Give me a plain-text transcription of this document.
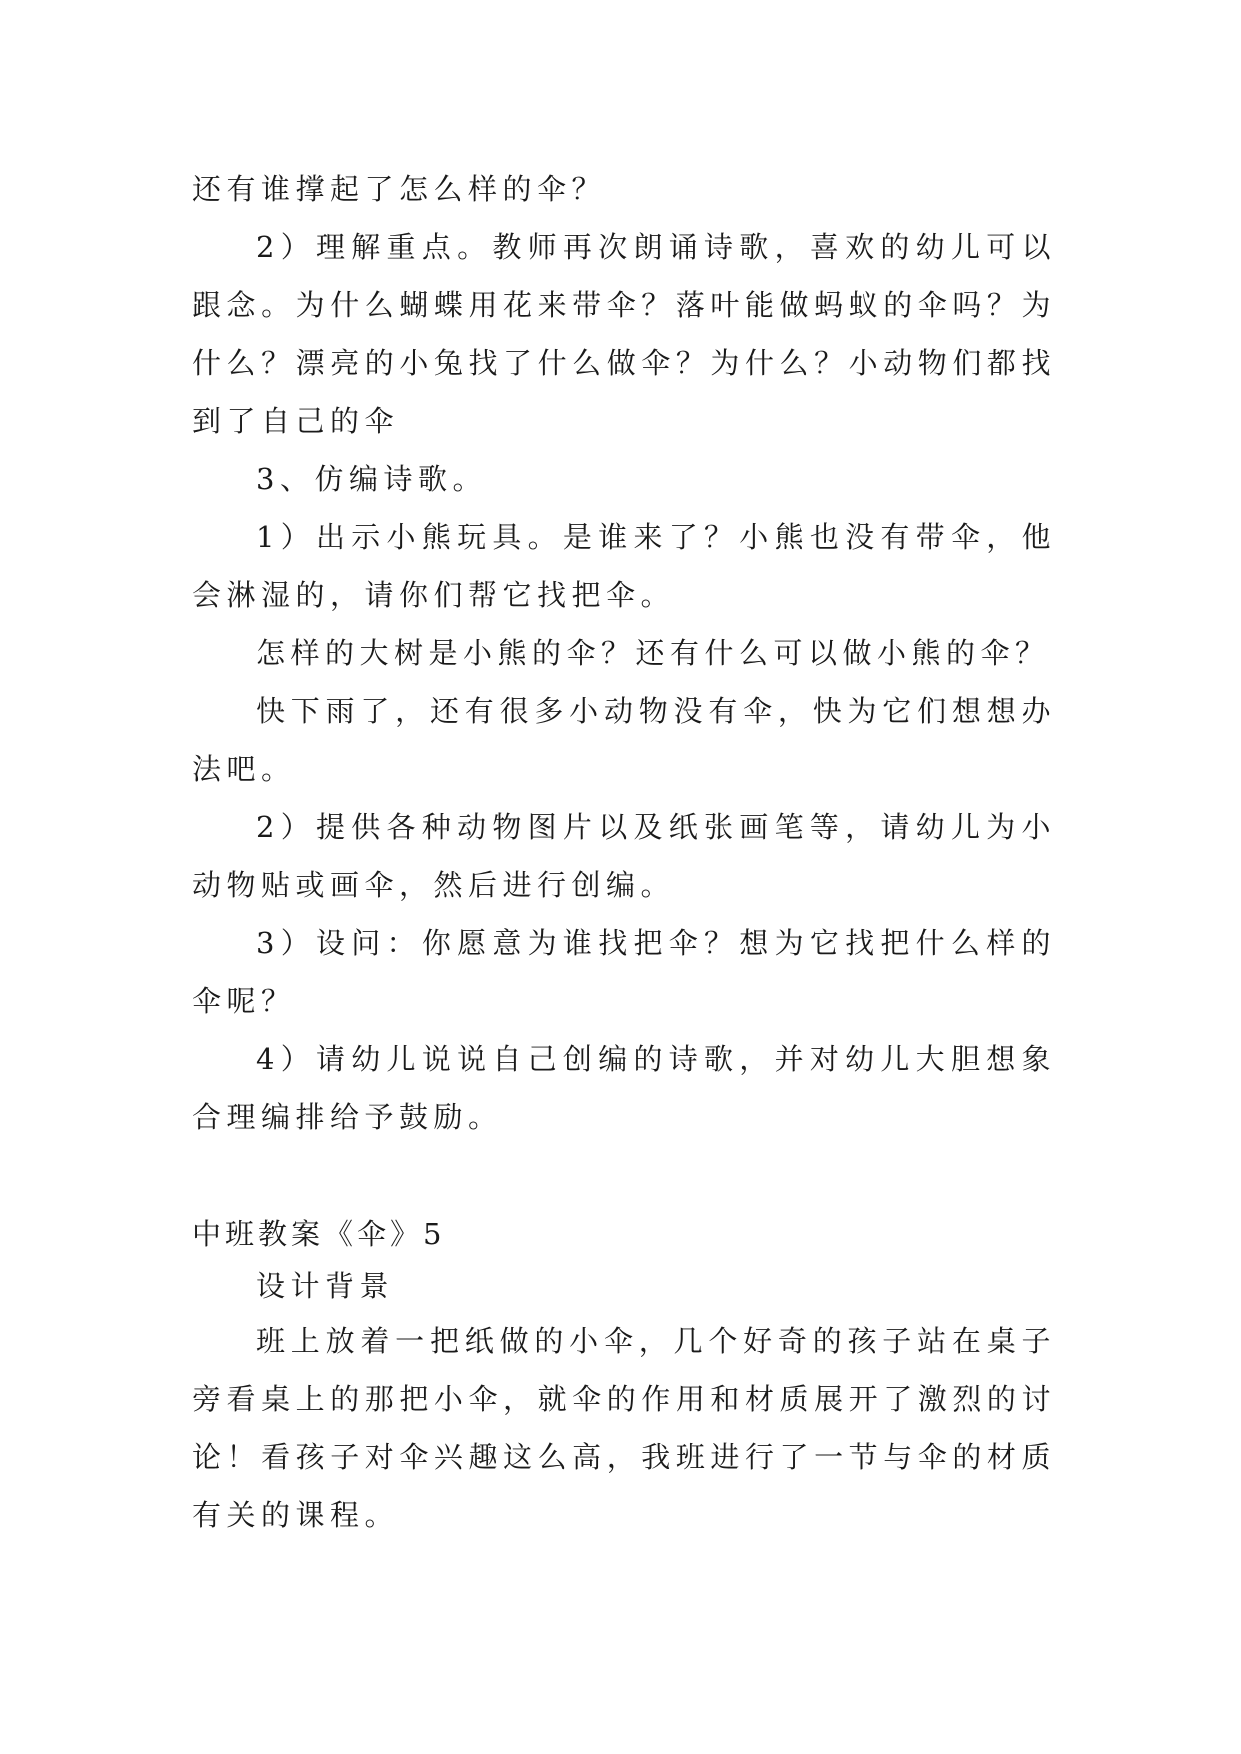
还有谁撑起了怎么样的伞？

2）理解重点。教师再次朗诵诗歌，喜欢的幼儿可以跟念。为什么蝴蝶用花来带伞？落叶能做蚂蚁的伞吗？为什么？漂亮的小兔找了什么做伞？为什么？小动物们都找到了自己的伞

3、仿编诗歌。

1）出示小熊玩具。是谁来了？小熊也没有带伞，他会淋湿的，请你们帮它找把伞。

怎样的大树是小熊的伞？还有什么可以做小熊的伞？

快下雨了，还有很多小动物没有伞，快为它们想想办法吧。

2）提供各种动物图片以及纸张画笔等，请幼儿为小动物贴或画伞，然后进行创编。

3）设问：你愿意为谁找把伞？想为它找把什么样的伞呢？

4）请幼儿说说自己创编的诗歌，并对幼儿大胆想象合理编排给予鼓励。

中班教案《伞》5

设计背景

班上放着一把纸做的小伞，几个好奇的孩子站在桌子旁看桌上的那把小伞，就伞的作用和材质展开了激烈的讨论！看孩子对伞兴趣这么高，我班进行了一节与伞的材质有关的课程。
